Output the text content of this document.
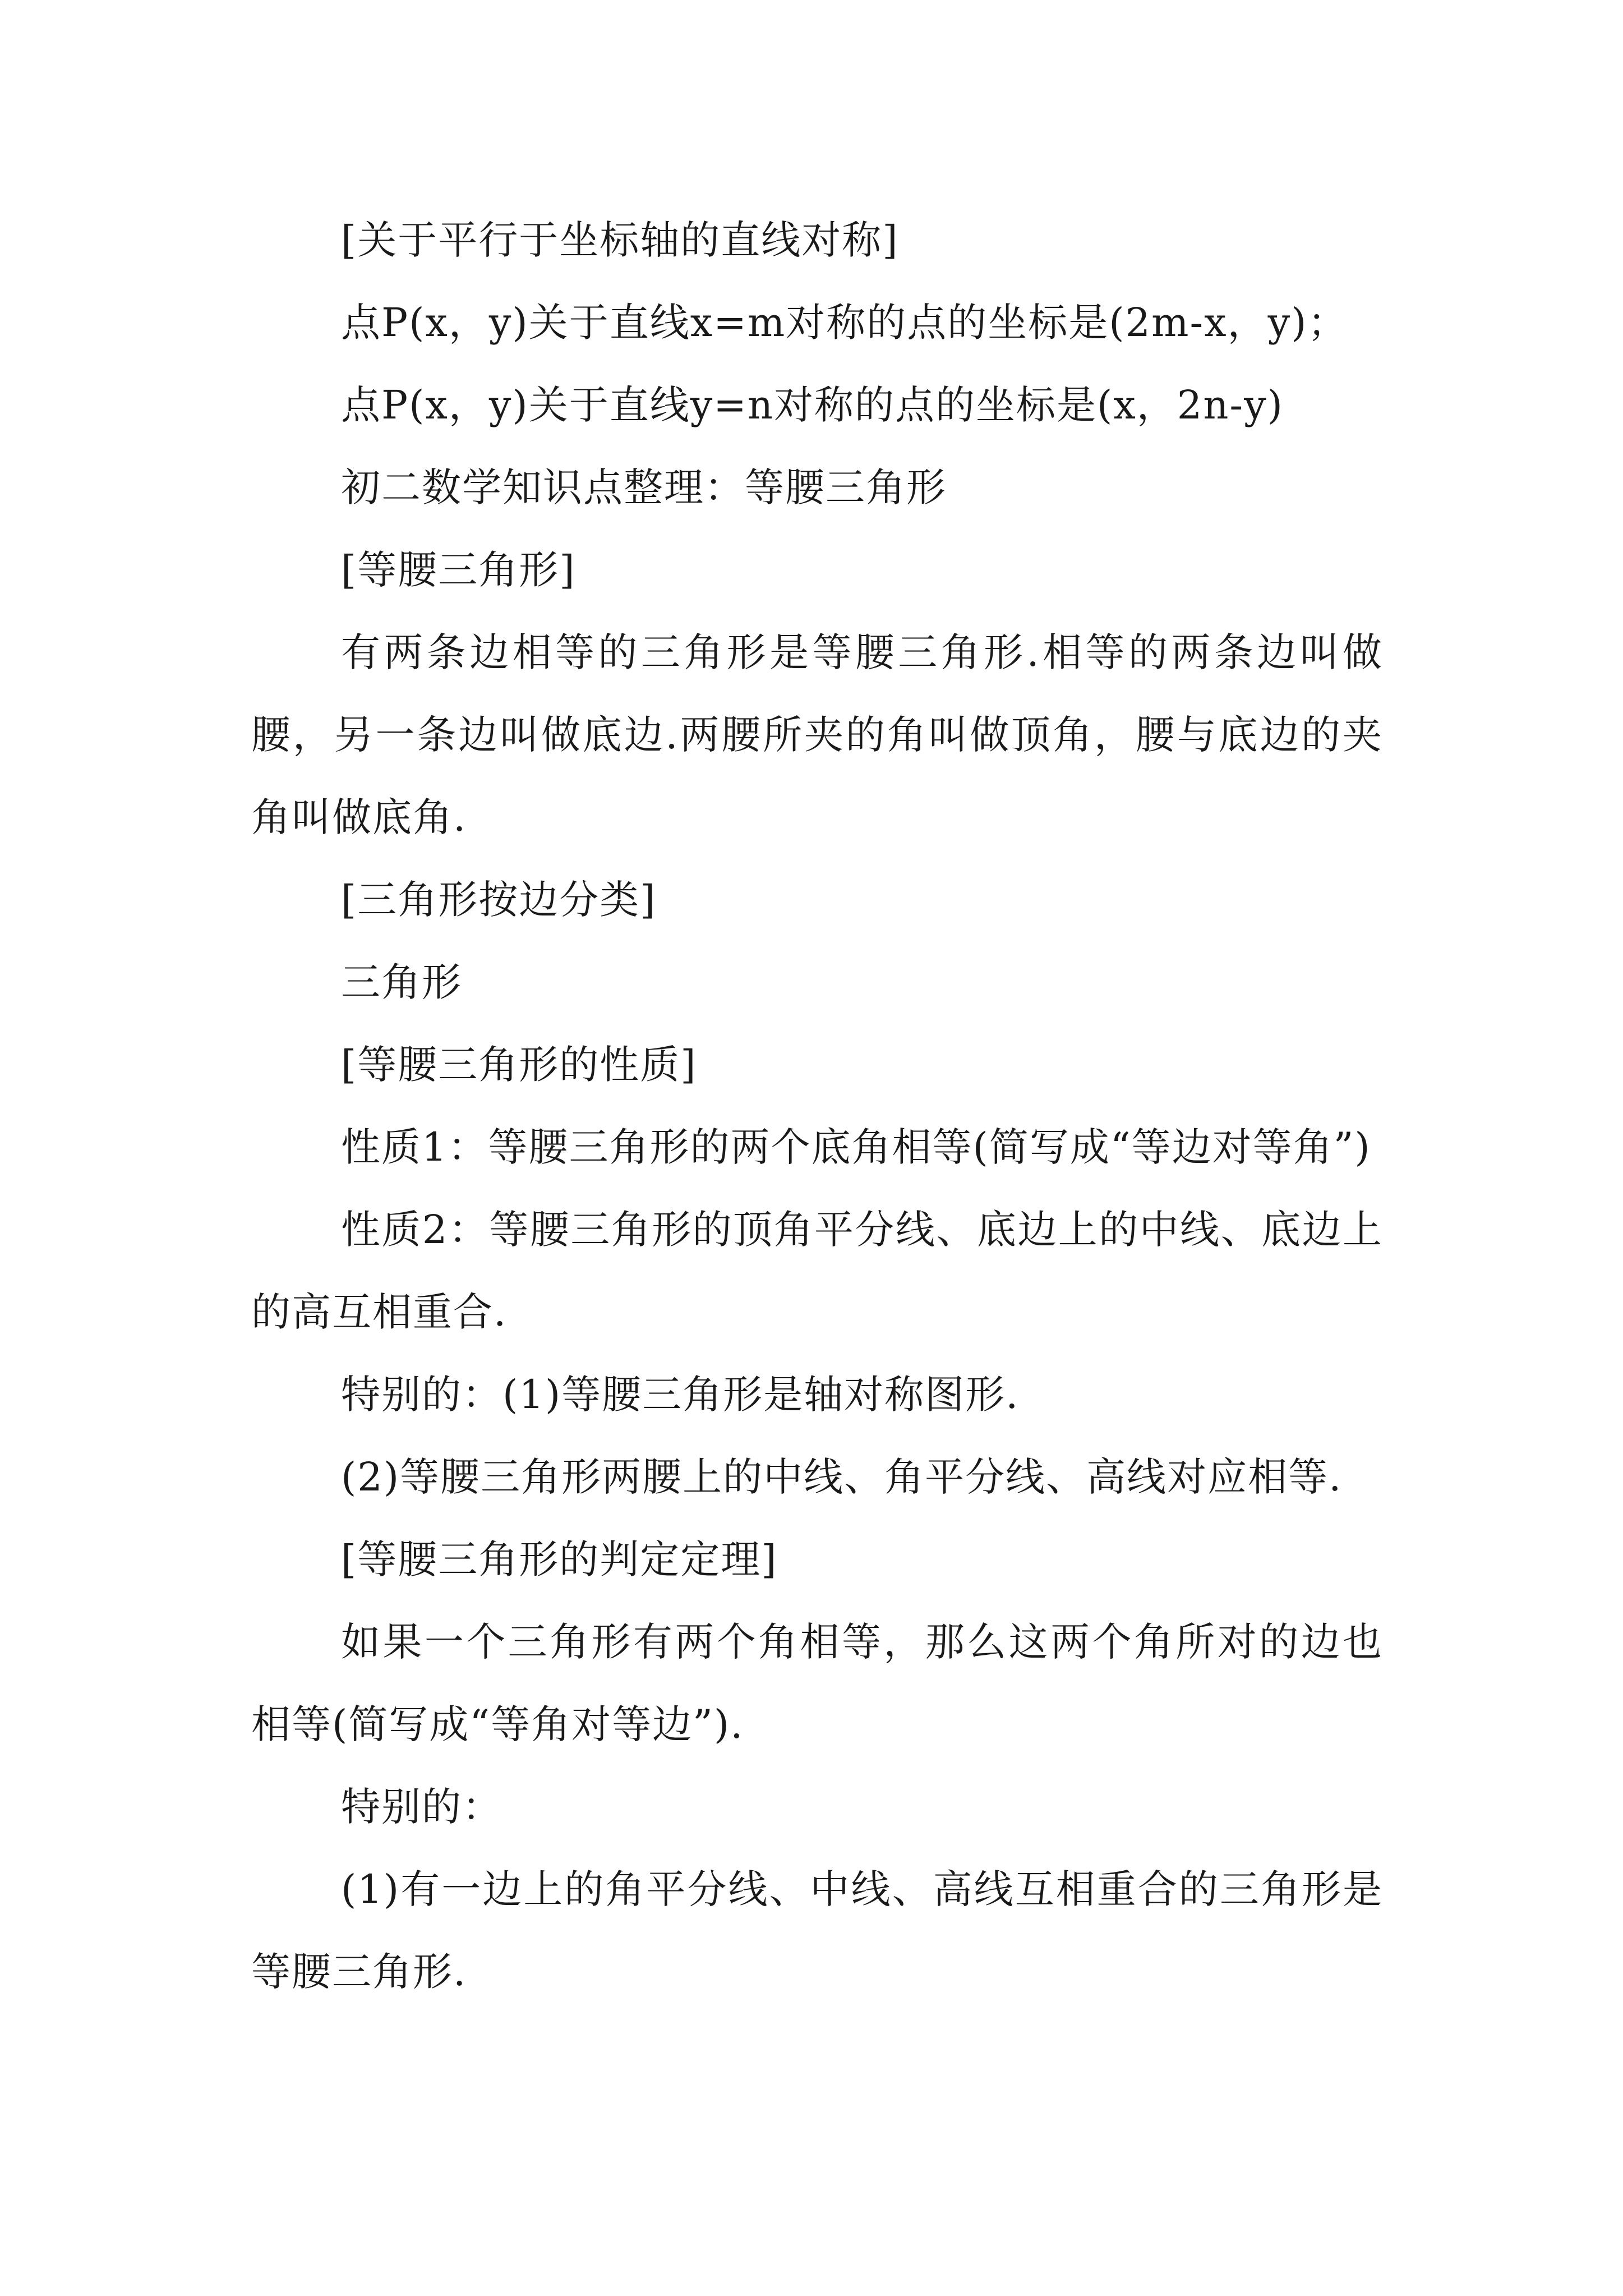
[关于平行于坐标轴的直线对称]

点P(x，y)关于直线x=m对称的点的坐标是(2m-x，y)；

点P(x，y)关于直线y=n对称的点的坐标是(x，2n-y)

初二数学知识点整理：等腰三角形

[等腰三角形]

有两条边相等的三角形是等腰三角形.相等的两条边叫做腰，另一条边叫做底边.两腰所夹的角叫做顶角，腰与底边的夹角叫做底角.

[三角形按边分类]

三角形

[等腰三角形的性质]

性质1：等腰三角形的两个底角相等(简写成“等边对等角”)

性质2：等腰三角形的顶角平分线、底边上的中线、底边上的高互相重合.

特别的：(1)等腰三角形是轴对称图形.

(2)等腰三角形两腰上的中线、角平分线、高线对应相等.

[等腰三角形的判定定理]

如果一个三角形有两个角相等，那么这两个角所对的边也相等(简写成“等角对等边”).

特别的：

(1)有一边上的角平分线、中线、高线互相重合的三角形是等腰三角形.
